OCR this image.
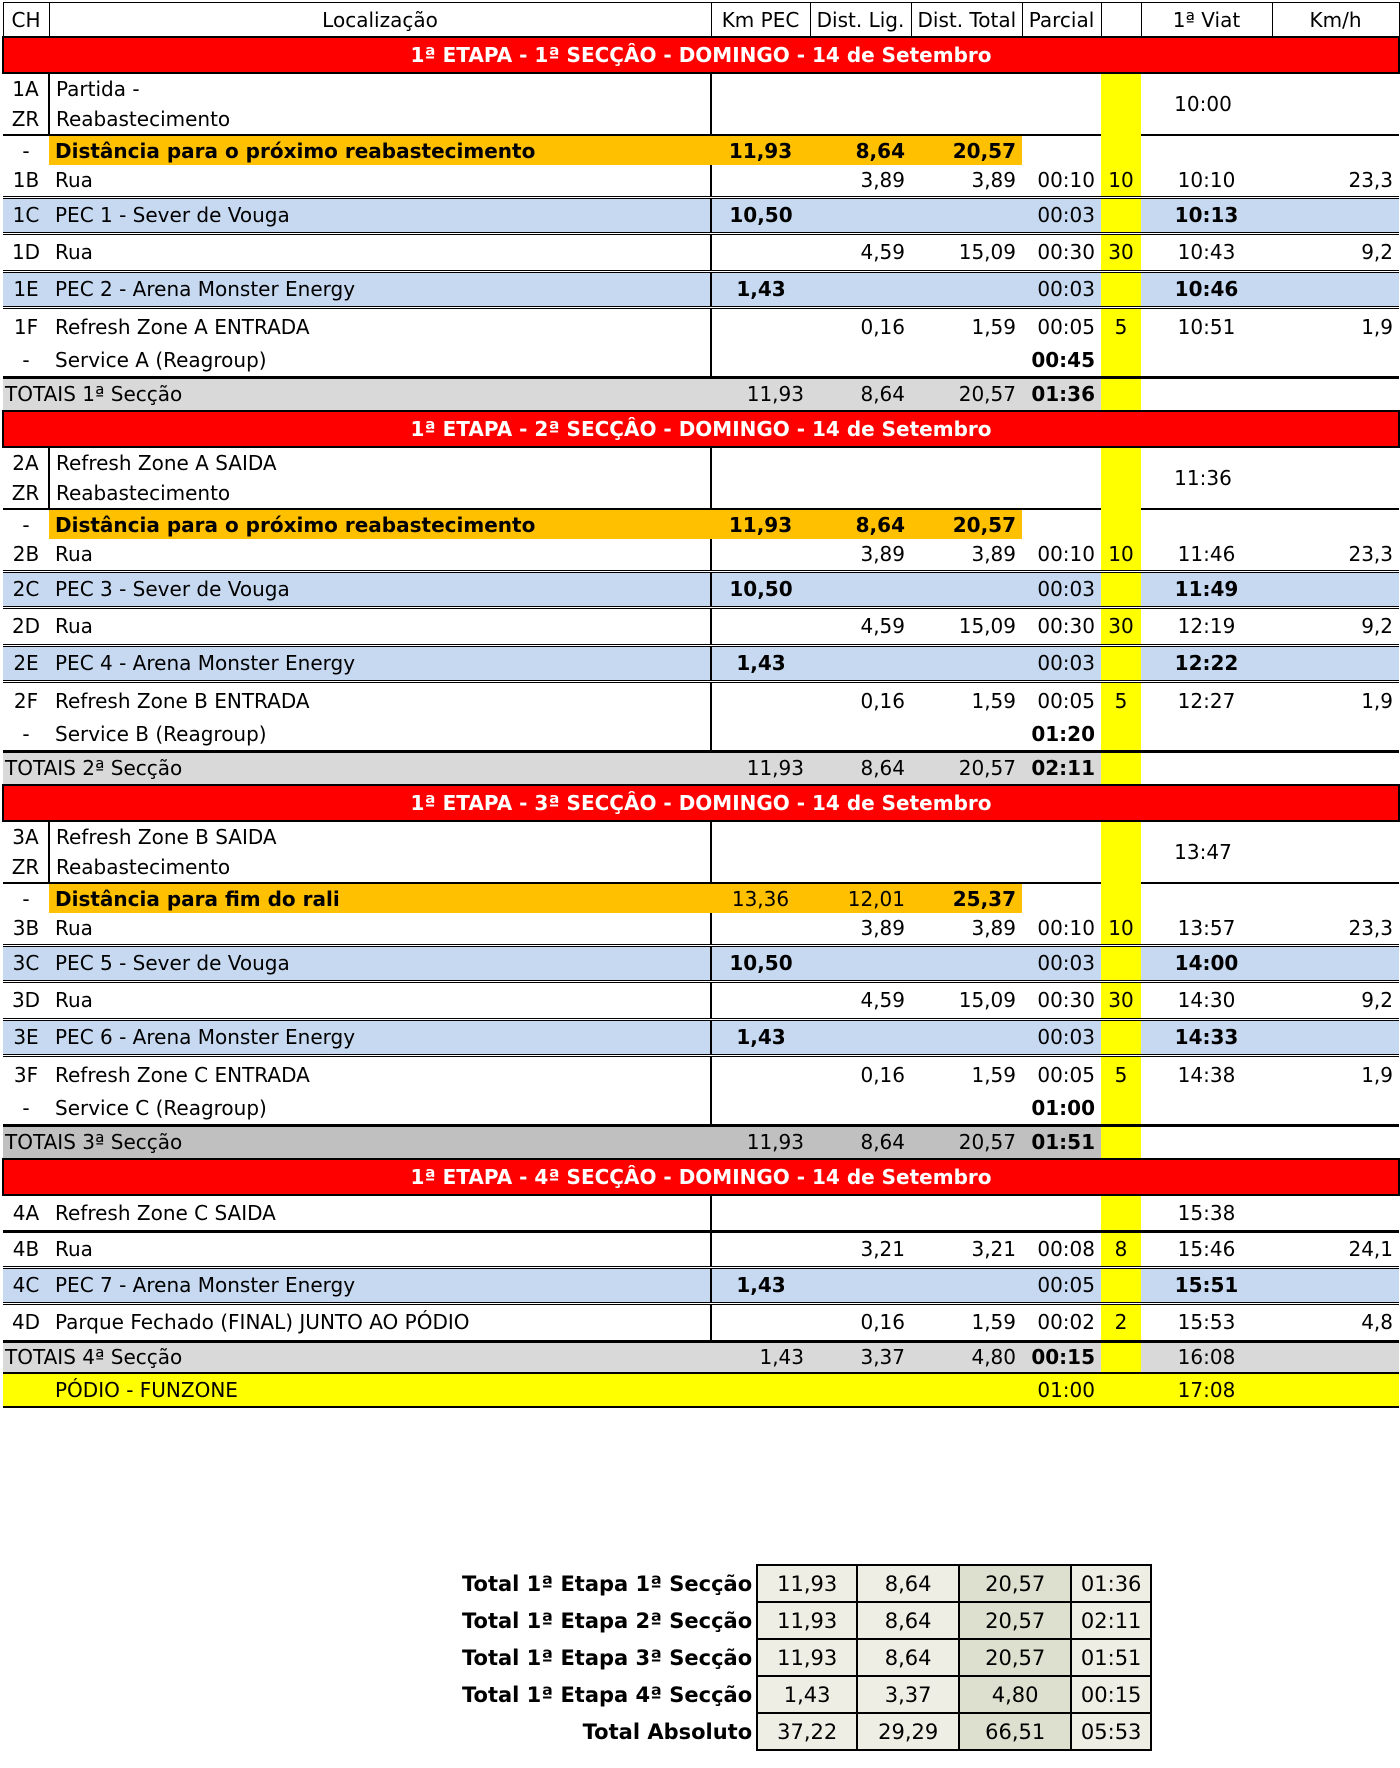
CH	Localização	Km PEC	Dist. Lig.	Dist. Total	Parcial		1ª Viat	Km/h
1ª ETAPA - 1ª SECÇÂO - DOMINGO - 14 de Setembro								
1A	Partida -						10:00	
ZR	Reabastecimento							
-	Distância para o próximo reabastecimento	11,93	8,64	20,57				
1B	Rua		3,89	3,89	00:10	10	10:10	23,3
1C	PEC 1 - Sever de Vouga	10,50			00:03		10:13	
1D	Rua		4,59	15,09	00:30	30	10:43	9,2
1E	PEC 2 - Arena Monster Energy	1,43			00:03		10:46	
1F	Refresh Zone A ENTRADA		0,16	1,59	00:05	5	10:51	1,9
-	Service A (Reagroup)				00:45			
TOTAIS 1ª Secção		11,93	8,64	20,57	01:36			
1ª ETAPA - 2ª SECÇÂO - DOMINGO - 14 de Setembro								
2A	Refresh Zone A SAIDA						11:36	
ZR	Reabastecimento							
-	Distância para o próximo reabastecimento	11,93	8,64	20,57				
2B	Rua		3,89	3,89	00:10	10	11:46	23,3
2C	PEC 3 - Sever de Vouga	10,50			00:03		11:49	
2D	Rua		4,59	15,09	00:30	30	12:19	9,2
2E	PEC 4 - Arena Monster Energy	1,43			00:03		12:22	
2F	Refresh Zone B ENTRADA		0,16	1,59	00:05	5	12:27	1,9
-	Service B (Reagroup)				01:20			
TOTAIS 2ª Secção		11,93	8,64	20,57	02:11			
1ª ETAPA - 3ª SECÇÂO - DOMINGO - 14 de Setembro								
3A	Refresh Zone B SAIDA						13:47	
ZR	Reabastecimento							
-	Distância para fim do rali	13,36	12,01	25,37				
3B	Rua		3,89	3,89	00:10	10	13:57	23,3
3C	PEC 5 - Sever de Vouga	10,50			00:03		14:00	
3D	Rua		4,59	15,09	00:30	30	14:30	9,2
3E	PEC 6 - Arena Monster Energy	1,43			00:03		14:33	
3F	Refresh Zone C ENTRADA		0,16	1,59	00:05	5	14:38	1,9
-	Service C (Reagroup)				01:00			
TOTAIS 3ª Secção		11,93	8,64	20,57	01:51			
1ª ETAPA - 4ª SECÇÂO - DOMINGO - 14 de Setembro								
4A	Refresh Zone C SAIDA						15:38	
4B	Rua		3,21	3,21	00:08	8	15:46	24,1
4C	PEC 7 - Arena Monster Energy	1,43			00:05		15:51	
4D	Parque Fechado (FINAL) JUNTO AO PÓDIO		0,16	1,59	00:02	2	15:53	4,8
TOTAIS 4ª Secção		1,43	3,37	4,80	00:15		16:08	
	PÓDIO - FUNZONE				01:00		17:08	
Total 1ª Etapa 1ª Secção	11,93	8,64	20,57	01:36
Total 1ª Etapa 2ª Secção	11,93	8,64	20,57	02:11
Total 1ª Etapa 3ª Secção	11,93	8,64	20,57	01:51
Total 1ª Etapa 4ª Secção	1,43	3,37	4,80	00:15
Total Absoluto	37,22	29,29	66,51	05:53
